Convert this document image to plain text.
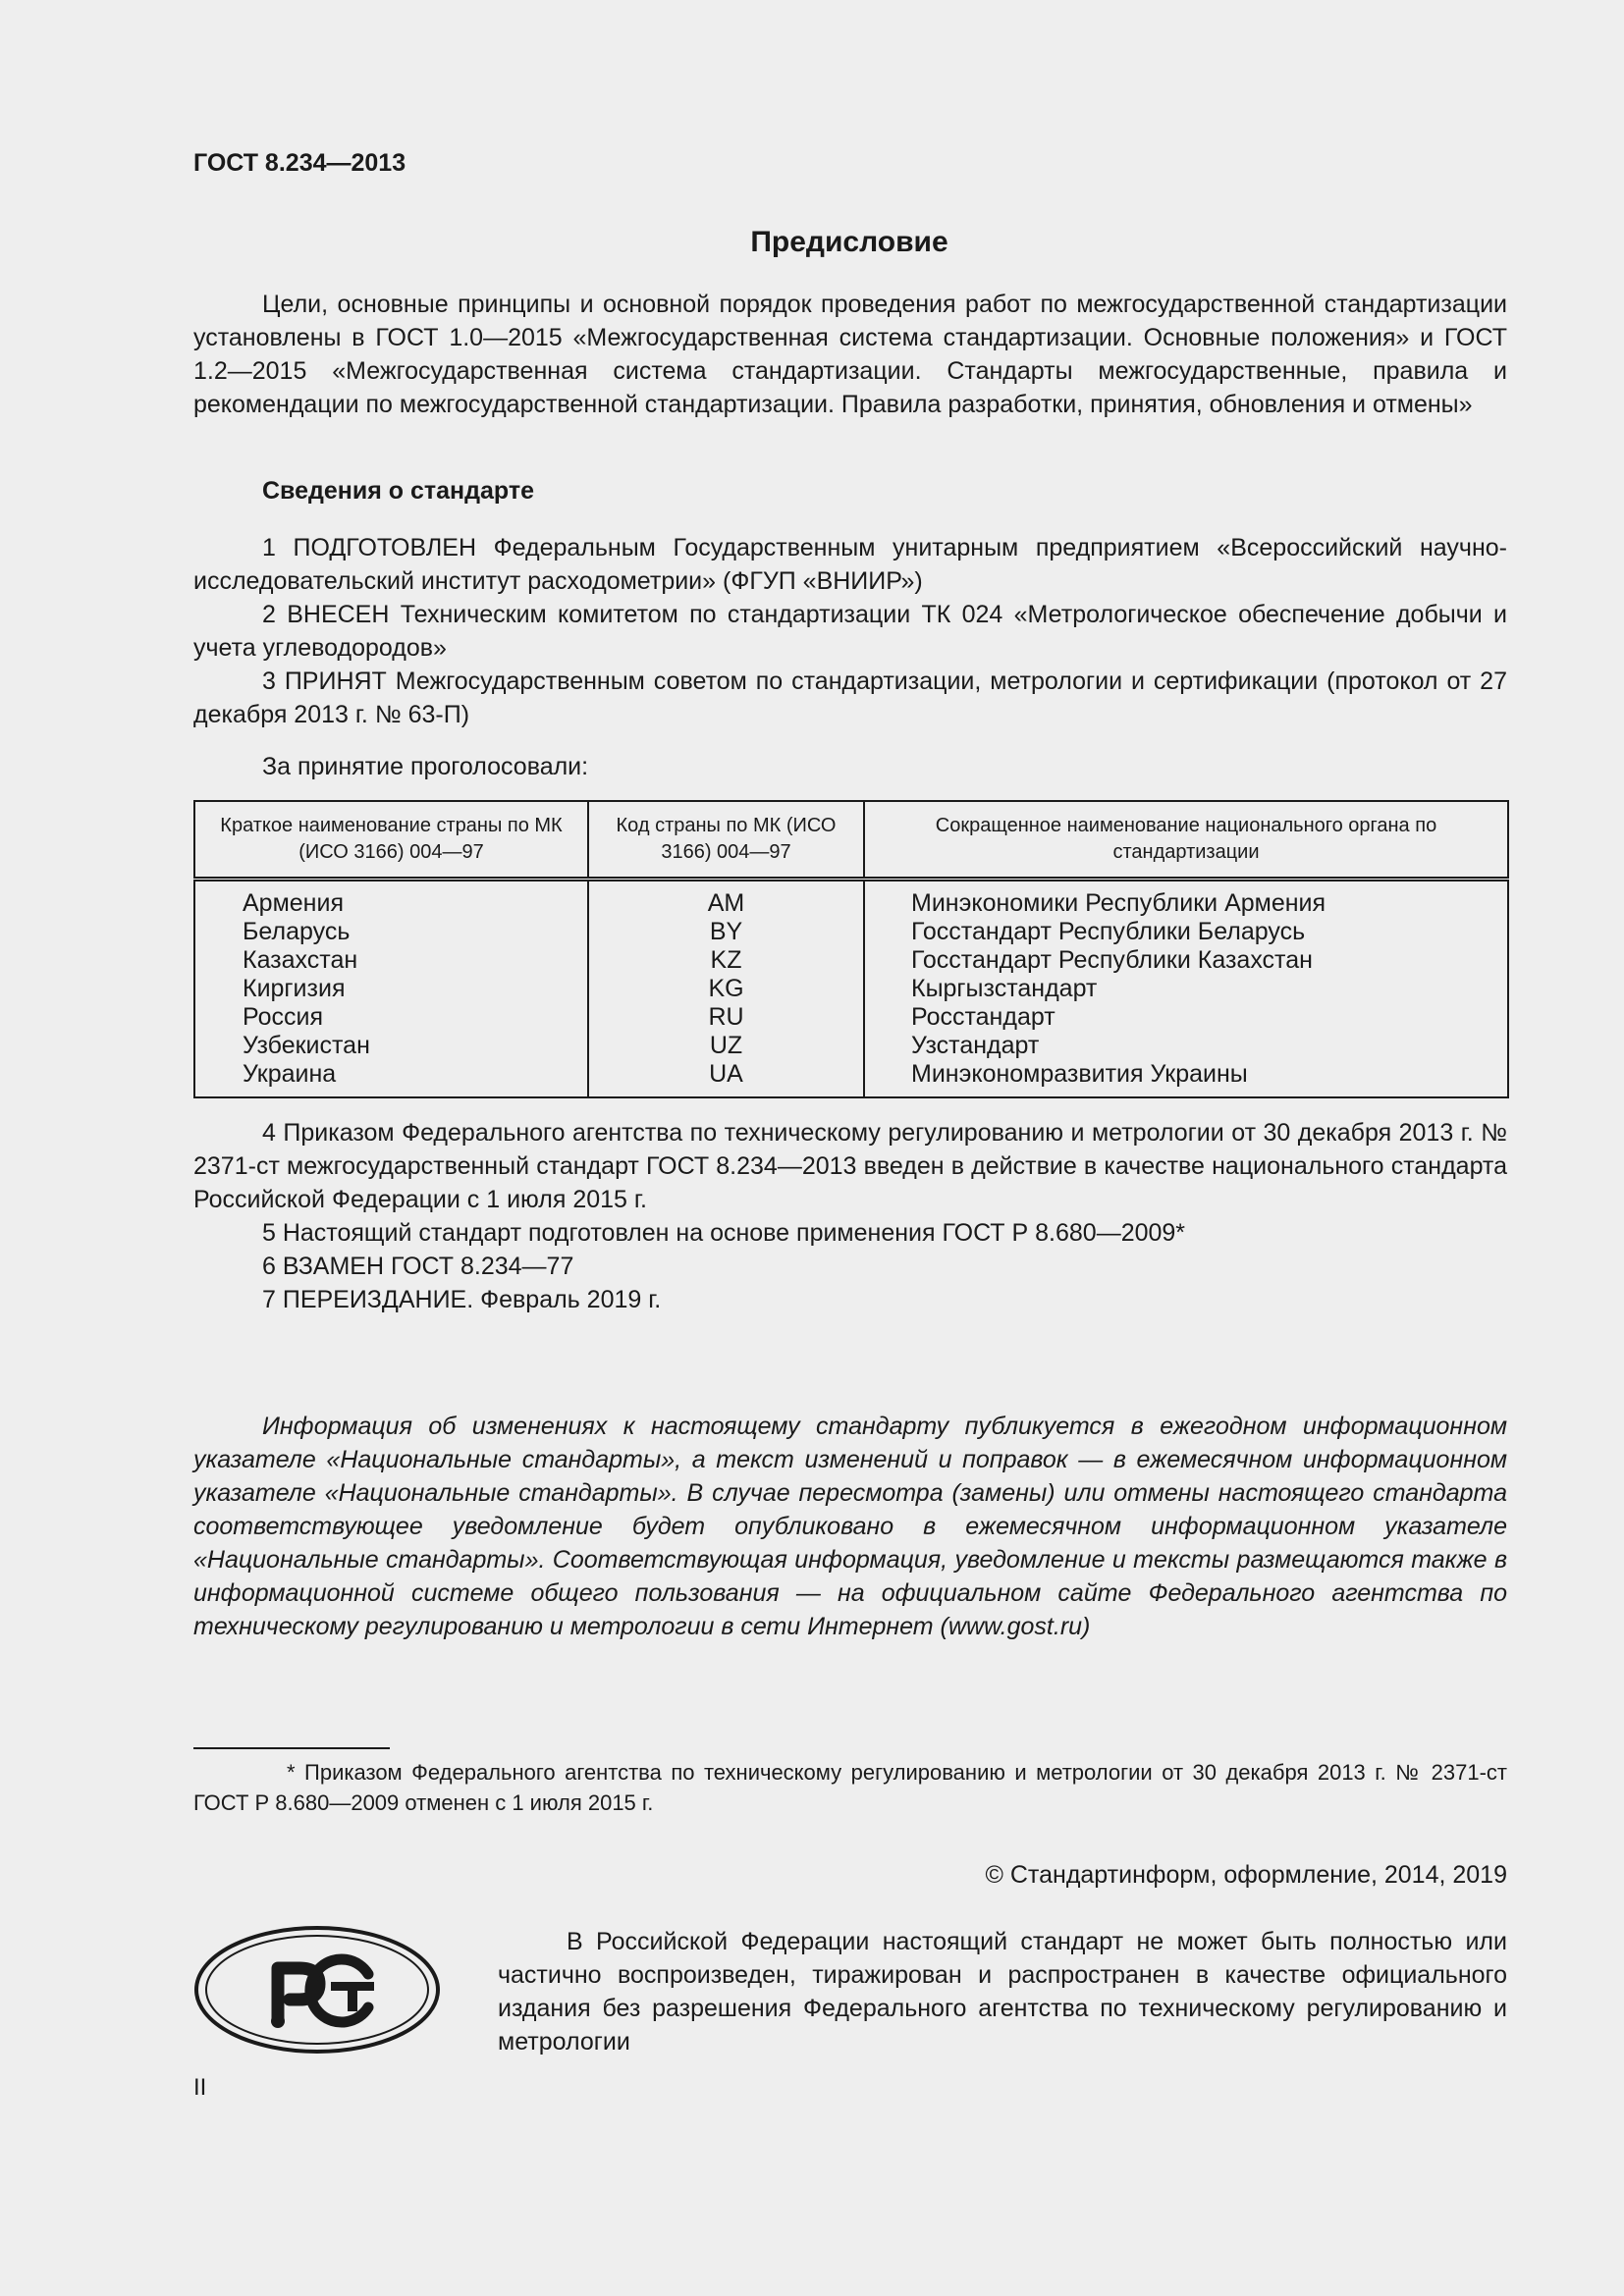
ГОСТ 8.234—2013
Предисловие

Цели, основные принципы и основной порядок проведения работ по межгосударственной стандартизации установлены в ГОСТ 1.0—2015 «Межгосударственная система стандартизации. Основные положения» и ГОСТ 1.2—2015 «Межгосударственная система стандартизации. Стандарты межгосударственные, правила и рекомендации по межгосударственной стандартизации. Правила разработки, принятия, обновления и отмены»

Сведения о стандарте

1 ПОДГОТОВЛЕН Федеральным Государственным унитарным предприятием «Всероссийский научно-исследовательский институт расходометрии» (ФГУП «ВНИИР»)

2 ВНЕСЕН Техническим комитетом по стандартизации ТК 024 «Метрологическое обеспечение добычи и учета углеводородов»

3 ПРИНЯТ Межгосударственным советом по стандартизации, метрологии и сертификации (протокол от 27 декабря 2013 г. № 63-П)

За принятие проголосовали:
Краткое наименование страны по МК (ИСО 3166) 004—97	Код страны по МК (ИСО 3166) 004—97	Сокращенное наименование национального органа по стандартизации
Армения	AM	Минэкономики Республики Армения
Беларусь	BY	Госстандарт Республики Беларусь
Казахстан	KZ	Госстандарт Республики Казахстан
Киргизия	KG	Кыргызстандарт
Россия	RU	Росстандарт
Узбекистан	UZ	Узстандарт
Украина	UA	Минэкономразвития Украины

4 Приказом Федерального агентства по техническому регулированию и метрологии от 30 декабря 2013 г. № 2371-ст межгосударственный стандарт ГОСТ 8.234—2013 введен в действие в качестве национального стандарта Российской Федерации с 1 июля 2015 г.

5 Настоящий стандарт подготовлен на основе применения ГОСТ Р 8.680—2009*

6 ВЗАМЕН ГОСТ 8.234—77

7 ПЕРЕИЗДАНИЕ. Февраль 2019 г.

Информация об изменениях к настоящему стандарту публикуется в ежегодном информационном указателе «Национальные стандарты», а текст изменений и поправок — в ежемесячном информационном указателе «Национальные стандарты». В случае пересмотра (замены) или отмены настоящего стандарта соответствующее уведомление будет опубликовано в ежемесячном информационном указателе «Национальные стандарты». Соответствующая информация, уведомление и тексты размещаются также в информационной системе общего пользования — на официальном сайте Федерального агентства по техническому регулированию и метрологии в сети Интернет (www.gost.ru)

* Приказом Федерального агентства по техническому регулированию и метрологии от 30 декабря 2013 г. № 2371-ст ГОСТ Р 8.680—2009 отменен с 1 июля 2015 г.

© Стандартинформ, оформление, 2014, 2019

В Российской Федерации настоящий стандарт не может быть полностью или частично воспроизведен, тиражирован и распространен в качестве официального издания без разрешения Федерального агентства по техническому регулированию и метрологии

II
